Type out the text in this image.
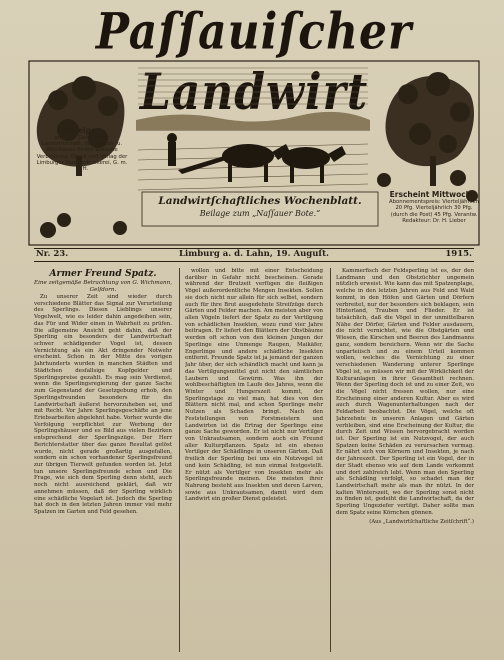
Paſſauiſcher Landwirt
Anzeigen
auf dem Gebiete der Landwirtschaft, des Garten- u. Weinbaues finden weiteste Verbreitung. Druck und Verlag der Limburger Vereinsdruckerei, G. m. b. H.
Erscheint Mittwochs.
Abonnementspreis: Vierteljährlich 20 Pfg. Vierteljährlich 30 Pfg. (durch die Post) 45 Pfg. Verantw. Redakteur: Dr. H. Lieber
Landwirtſchaftliches Wochenblatt.
Beilage zum „Naſſauer Bote.“
Limburg a. d. Lahn, 19. Auguſt.
Nr. 23.	1915.
Armer Freund Spatz.
Eine zeitgemäße Betrachtung von G. Wichmann, Gelſdorn.

Zu unserer Zeit sind wieder durch verschiedene Blätter das Signal zur Verurteilung des Sperlings. Diesen Lieblings unserer Vogelwelt, wie es leider dahin angedeihen sein, das Für und Wider einen in Wahrheit zu prüfen. Die allgemeine Ansicht geht dahin, daß der Sperling ein besonders der Landwirtschaft schwer schädigender Vogel ist, dessen Vernichtung als ein Akt dringender Notwehr erscheint. Schon in der Mitte des vorigen Jahrhunderts wurden in manchen Städten und Städtchen desfallsige Kopfgelder und Sperlingspreise gezahlt. Es mag sein Verdienst, wenn die Sperlingsregierung der ganze Sache zum Gegenstand der Gesetzgebung erhob, den Sperlingsfreunden besonders für die Landwirtschaft äußerst hervorzuheben sei, und mit Recht. Vor Jahre Sperlingsgeschäfte an jene Eriebsarbeiten abgelehnt habe. Vorher wurde die Verfolgung verpflichtet zur Werbung der Sperlingshäuser und es Bild aus vielen Bezirken entsprechend der Sperlingszüge. Der Herr Berichterstatter über das ganze Resultat gelöst wurde, nicht gerade großartig ausgefallen, sondern ein schon vorhandener Sperlingsfreund zur übrigen Tierwelt gefunden worden ist. Jetzt tun unsere Sperlingsfreunde schon und Die Frage, wie sich dem Sperling denn steht, auch noch nicht ausreichend geklärt, daß wir annehmen müssen, daß der Sperling wirklich eine schädliche Vogelart ist. Jedoch die Sperling hat doch in den letzten Jahren immer viel mehr Spatzen im Garten und Feld gesehen.

wollen und bitte mit einer Entscheidung darüber in Gefahr nicht bescheinen. Gerade während der Brutzeit verfügen die fleißigen Vögel außerordentliche Mengen Insekten. Sollen sie doch nicht nur allein für sich selbst, sondern auch für ihre Brut ausgedehnte Streifzüge durch Gärten und Felder machen. Am meisten aber von allen Vögeln liefert der Spatz zu der Vertilgung von schädlichen Insekten, wozu rund vier Jahre beitragen. Er liefert den Blättern der Obstbäume werden oft schon von den kleinen Jungen der Sperlinge eine Unmenge Raupen, Maikäfer, Engerlinge und andere schädliche Insekten entfernt. Freunde Spatz ist ja jemand der ganzen Jahr über, der sich schändlich macht und kann ja das Vertilgungsmittel gut nicht den sämtlichen Laubern und Gewürm. Was ihn der wohlbeschäftigten im Laufe des Jahres, wenn die Winter und Hungerszeit kommt, der Sperlingstage zu viel man, hat dies von den Blättern nicht mal, und schon Sperlinge mehr Nutzen als Schaden bringt. Nach den Feststellungen von Forstmeistern und Landwirten ist die Ertrag der Sperlinge eine ganze Sache geworden. Er ist nicht nur Vertilger von Unkrautsamen, sondern auch ein Freund aller Kulturpflanzen. Spatz ist ein ebenso Vertilger der Schädlinge in unseren Gärten. Daß freilich der Sperling bei uns ein Nutzvogel ist und kein Schädling, ist nun einmal festgestellt. Er nützt als Vertilger von Insekten mehr als Sperlingsfreunde meinen. Die meisten ihrer Nahrung besteht aus Insekten und deren Larven, sowie aus Unkrautsamen, damit wird dem Landwirt ein großer Dienst geleistet.

Kammerfisch der Feldsperling ist es, der den Landmann und den Obstzüchter ungemein nützlich erweist. Wie kann das mit Spatzenplage, welche in den letzten Jahren aus Feld und Wald kommt, in den Höfen und Gärten und Dörfern verbreitet, nur der besonders sich beklagen, sein Hinterland, Trauben und Flieder. Er ist tatsächlich, daß die Vögel in der unmittelbaren Nähe der Dörfer, Gärten und Felder ausdauern, die nicht vernichtet, wie die Obstgärten und Wiesen, die Kirschen und Beeren des Landmanns ganz, sondern bereichern. Wenn wir die Sache unparteiisch und zu einem Urteil kommen wollen, welches die Vernichtung zu einer verschiedenen Wanderung unterer Sperlinge Vögel ist, so müssen wir mit der Wirklichkeit der Kulturanlagen in ihrer Gesamtheit rechnen. Wenn der Sperling doch ist und zu einer Zeit, wo die Vögel nicht fressen wollen, nur eine Erscheinung einer anderen Kultur. Aber es wird auch durch Wagenunterhaltungen nach der Feldarbeit beobachtet. Die Vögel, welche oft Jahrzehnte in unseren Anlagen und Gärten verbleiben, sind eine Erscheinung der Kultur, die durch Zeit und Wissen hervorgebracht worden ist. Der Sperling ist ein Nutzvogel, der auch Spatzen keine Schäden zu verursachen vermag. Er nährt sich von Körnern und Insekten, je nach der Jahreszeit. Der Sperling ist ein Vogel, der in der Stadt ebenso wie auf dem Lande vorkommt und dort zahlreich lebt. Wenn man den Sperling als Schädling verfolgt, so schadet man der Landwirtschaft mehr als man ihr nützt. In der kalten Winterszeit, wo der Sperling sonst nicht zu finden ist, gedeiht die Landwirtschaft, da der Sperling Ungeziefer vertilgt. Daher sollte man dem Spatz seine Körnchen gönnen.

(Aus „Landwirtſchaftliche Zeitſchrift“.)
